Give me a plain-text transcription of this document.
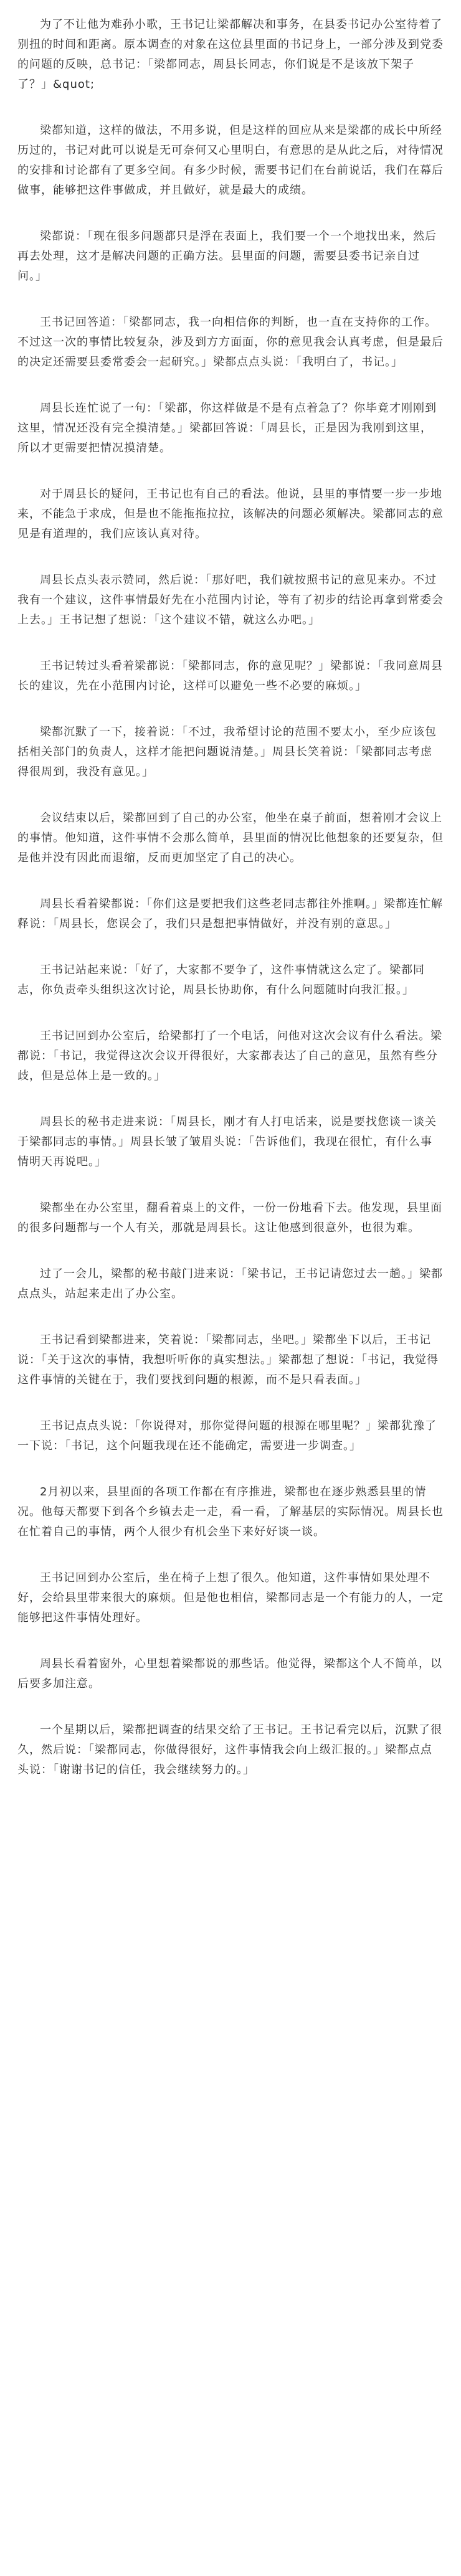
为了不让他为难孙小歌，王书记让梁都解决和事务，在县委书记办公室待着了别扭的时间和距离。原本调查的对象在这位县里面的书记身上，一部分涉及到党委的问题的反映，总书记：「梁都同志，周县长同志，你们说是不是该放下架子了？」&quot;

梁都知道，这样的做法，不用多说，但是这样的回应从来是梁都的成长中所经历过的，书记对此可以说是无可奈何又心里明白，有意思的是从此之后，对待情况的安排和讨论都有了更多空间。有多少时候，需要书记们在台前说话，我们在幕后做事，能够把这件事做成，并且做好，就是最大的成绩。

梁都说：「现在很多问题都只是浮在表面上，我们要一个一个地找出来，然后再去处理，这才是解决问题的正确方法。县里面的问题，需要县委书记亲自过问。」

王书记回答道：「梁都同志，我一向相信你的判断，也一直在支持你的工作。不过这一次的事情比较复杂，涉及到方方面面，你的意见我会认真考虑，但是最后的决定还需要县委常委会一起研究。」梁都点点头说：「我明白了，书记。」

周县长连忙说了一句：「梁都，你这样做是不是有点着急了？你毕竟才刚刚到这里，情况还没有完全摸清楚。」梁都回答说：「周县长，正是因为我刚到这里，所以才更需要把情况摸清楚。

对于周县长的疑问，王书记也有自己的看法。他说，县里的事情要一步一步地来，不能急于求成，但是也不能拖拖拉拉，该解决的问题必须解决。梁都同志的意见是有道理的，我们应该认真对待。

周县长点头表示赞同，然后说：「那好吧，我们就按照书记的意见来办。不过我有一个建议，这件事情最好先在小范围内讨论，等有了初步的结论再拿到常委会上去。」王书记想了想说：「这个建议不错，就这么办吧。」

王书记转过头看着梁都说：「梁都同志，你的意见呢？」梁都说：「我同意周县长的建议，先在小范围内讨论，这样可以避免一些不必要的麻烦。」

梁都沉默了一下，接着说：「不过，我希望讨论的范围不要太小，至少应该包括相关部门的负责人，这样才能把问题说清楚。」周县长笑着说：「梁都同志考虑得很周到，我没有意见。」

会议结束以后，梁都回到了自己的办公室，他坐在桌子前面，想着刚才会议上的事情。他知道，这件事情不会那么简单，县里面的情况比他想象的还要复杂，但是他并没有因此而退缩，反而更加坚定了自己的决心。

周县长看着梁都说：「你们这是要把我们这些老同志都往外推啊。」梁都连忙解释说：「周县长，您误会了，我们只是想把事情做好，并没有别的意思。」

王书记站起来说：「好了，大家都不要争了，这件事情就这么定了。梁都同志，你负责牵头组织这次讨论，周县长协助你，有什么问题随时向我汇报。」

王书记回到办公室后，给梁都打了一个电话，问他对这次会议有什么看法。梁都说：「书记，我觉得这次会议开得很好，大家都表达了自己的意见，虽然有些分歧，但是总体上是一致的。」

周县长的秘书走进来说：「周县长，刚才有人打电话来，说是要找您谈一谈关于梁都同志的事情。」周县长皱了皱眉头说：「告诉他们，我现在很忙，有什么事情明天再说吧。」

梁都坐在办公室里，翻看着桌上的文件，一份一份地看下去。他发现，县里面的很多问题都与一个人有关，那就是周县长。这让他感到很意外，也很为难。

过了一会儿，梁都的秘书敲门进来说：「梁书记，王书记请您过去一趟。」梁都点点头，站起来走出了办公室。

王书记看到梁都进来，笑着说：「梁都同志，坐吧。」梁都坐下以后，王书记说：「关于这次的事情，我想听听你的真实想法。」梁都想了想说：「书记，我觉得这件事情的关键在于，我们要找到问题的根源，而不是只看表面。」

王书记点点头说：「你说得对，那你觉得问题的根源在哪里呢？」梁都犹豫了一下说：「书记，这个问题我现在还不能确定，需要进一步调查。」

2月初以来，县里面的各项工作都在有序推进，梁都也在逐步熟悉县里的情况。他每天都要下到各个乡镇去走一走，看一看，了解基层的实际情况。周县长也在忙着自己的事情，两个人很少有机会坐下来好好谈一谈。

王书记回到办公室后，坐在椅子上想了很久。他知道，这件事情如果处理不好，会给县里带来很大的麻烦。但是他也相信，梁都同志是一个有能力的人，一定能够把这件事情处理好。

周县长看着窗外，心里想着梁都说的那些话。他觉得，梁都这个人不简单，以后要多加注意。

一个星期以后，梁都把调查的结果交给了王书记。王书记看完以后，沉默了很久，然后说：「梁都同志，你做得很好，这件事情我会向上级汇报的。」梁都点点头说：「谢谢书记的信任，我会继续努力的。」
